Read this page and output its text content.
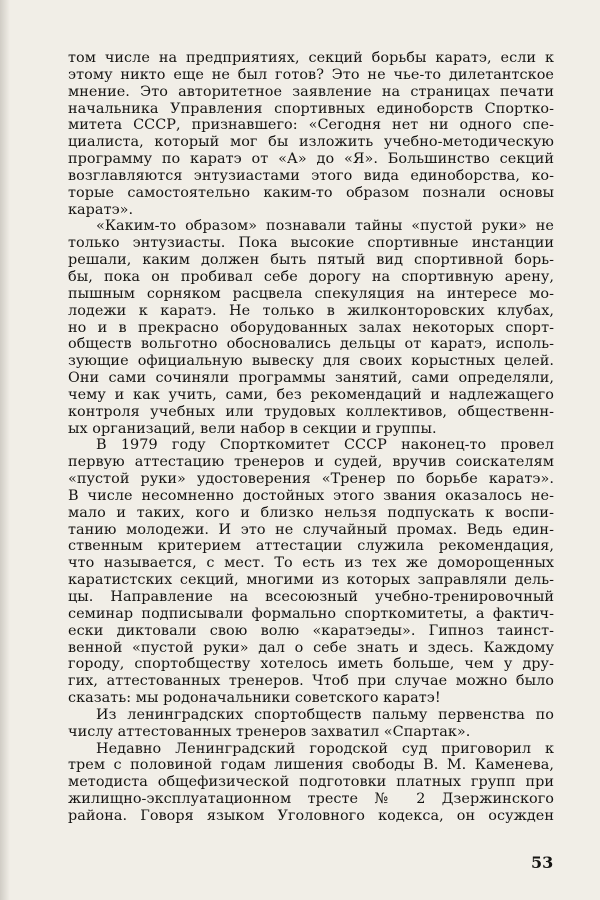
том числе на предприятиях, секций борьбы каратэ, если к
этому никто еще не был готов? Это не чье-то дилетантское
мнение. Это авторитетное заявление на страницах печати
начальника Управления спортивных единоборств Спортко-
митета СССР, признавшего: «Сегодня нет ни одного спе-
циалиста, который мог бы изложить учебно-методическую
программу по каратэ от «А» до «Я». Большинство секций
возглавляются энтузиастами этого вида единоборства, ко-
торые самостоятельно каким-то образом познали основы
каратэ».
«Каким-то образом» познавали тайны «пустой руки» не
только энтузиасты. Пока высокие спортивные инстанции
решали, каким должен быть пятый вид спортивной борь-
бы, пока он пробивал себе дорогу на спортивную арену,
пышным сорняком расцвела спекуляция на интересе мо-
лодежи к каратэ. Не только в жилконторовских клубах,
но и в прекрасно оборудованных залах некоторых спорт-
обществ вольготно обосновались дельцы от каратэ, исполь-
зующие официальную вывеску для своих корыстных целей.
Они сами сочиняли программы занятий, сами определяли,
чему и как учить, сами, без рекомендаций и надлежащего
контроля учебных или трудовых коллективов, общественн-
ых организаций, вели набор в секции и группы.
В 1979 году Спорткомитет СССР наконец-то провел
первую аттестацию тренеров и судей, вручив соискателям
«пустой руки» удостоверения «Тренер по борьбе каратэ».
В числе несомненно достойных этого звания оказалось не-
мало и таких, кого и близко нельзя подпускать к воспи-
танию молодежи. И это не случайный промах. Ведь един-
ственным критерием аттестации служила рекомендация,
что называется, с мест. То есть из тех же доморощенных
каратистских секций, многими из которых заправляли дель-
цы. Направление на всесоюзный учебно-тренировочный
семинар подписывали формально спорткомитеты, а фактич-
ески диктовали свою волю «каратэеды». Гипноз таинст-
венной «пустой руки» дал о себе знать и здесь. Каждому
городу, спортобществу хотелось иметь больше, чем у дру-
гих, аттестованных тренеров. Чтоб при случае можно было
сказать: мы родоначальники советского каратэ!
Из ленинградских спортобществ пальму первенства по
числу аттестованных тренеров захватил «Спартак».
Недавно Ленинградский городской суд приговорил к
трем с половиной годам лишения свободы В. М. Каменева,
методиста общефизической подготовки платных групп при
жилищно-эксплуатационном тресте № 2 Дзержинского
района. Говоря языком Уголовного кодекса, он осужден
53
